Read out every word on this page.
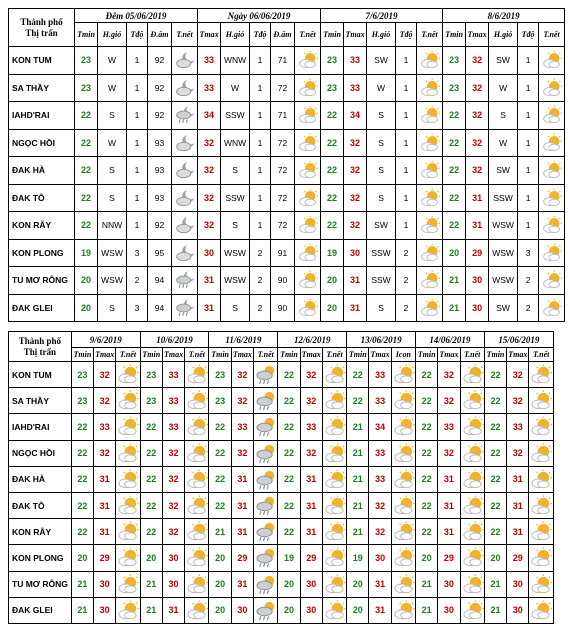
Thành phố
Thị trấn	Đêm 05/06/2019					Ngày 06/06/2019					7/6/2019					8/6/2019				
	Tmin	H.gió	Tđộ	Đ.ẩm	T.nết	Tmax	H.gió	Tđộ	Đ.ẩm	T.nết	Tmin	Tmax	H.gió	Tđộ	T.nết	Tmin	Tmax	H.gió	Tđộ	T.nết
KON TUM	23	W	1	92		33	WNW	1	71		23	33	SW	1		23	32	SW	1	
SA THẦY	23	W	1	92		33	W	1	72		23	33	W	1		23	32	W	1	
IAHD'RAI	22	S	1	92		34	SSW	1	71		22	34	S	1		22	32	S	1	
NGỌC HỒI	22	W	1	93		32	WNW	1	72		22	32	S	1		22	32	W	1	
ĐAK HÀ	22	S	1	93		32	S	1	72		22	32	S	1		22	32	SW	1	
ĐAK TÔ	22	S	1	93		32	SSW	1	72		22	32	S	1		22	31	SSW	1	
KON RẪY	22	NNW	1	92		32	S	1	72		22	32	SW	1		22	31	WSW	1	
KON PLONG	19	WSW	3	95		30	WSW	2	91		19	30	SSW	2		20	29	WSW	3	
TU MƠ RÔNG	20	WSW	2	94		31	WSW	2	90		20	31	SSW	2		21	30	WSW	2	
ĐAK GLEI	20	S	3	94		31	S	2	90		20	31	S	2		21	30	SW	2	
Thành phố
Thị trấn	9/6/2019			10/6/2019			11/6/2019			12/6/2019			13/06/2019			14/06/2019			15/06/2019		
	Tmin	Tmax	T.nết	Tmin	Tmax	T.nết	Tmin	Tmax	T.nết	Tmin	Tmax	T.nết	Tmin	Tmax	Icon	Tmin	Tmax	T.nết	Tmin	Tmax	T.nết
KON TUM	23	32		23	33		23	32		22	32		22	33		22	32		22	32	
SA THẦY	23	32		23	33		23	32		22	32		22	33		22	32		22	32	
IAHD'RAI	22	33		22	33		22	33		22	33		21	34		22	33		22	33	
NGỌC HỒI	22	32		22	32		22	32		22	32		21	33		22	32		22	32	
ĐAK HÀ	22	31		22	32		22	31		22	31		21	33		22	31		22	31	
ĐAK TÔ	22	31		22	32		22	31		22	31		21	32		22	31		22	31	
KON RẪY	22	31		22	32		21	31		22	31		21	32		22	31		22	31	
KON PLONG	20	29		20	30		20	29		19	29		19	30		20	29		20	29	
TU MƠ RÔNG	21	30		21	30		20	31		20	30		20	31		21	30		21	30	
ĐAK GLEI	21	30		21	31		20	30		20	30		20	31		21	30		21	30	
